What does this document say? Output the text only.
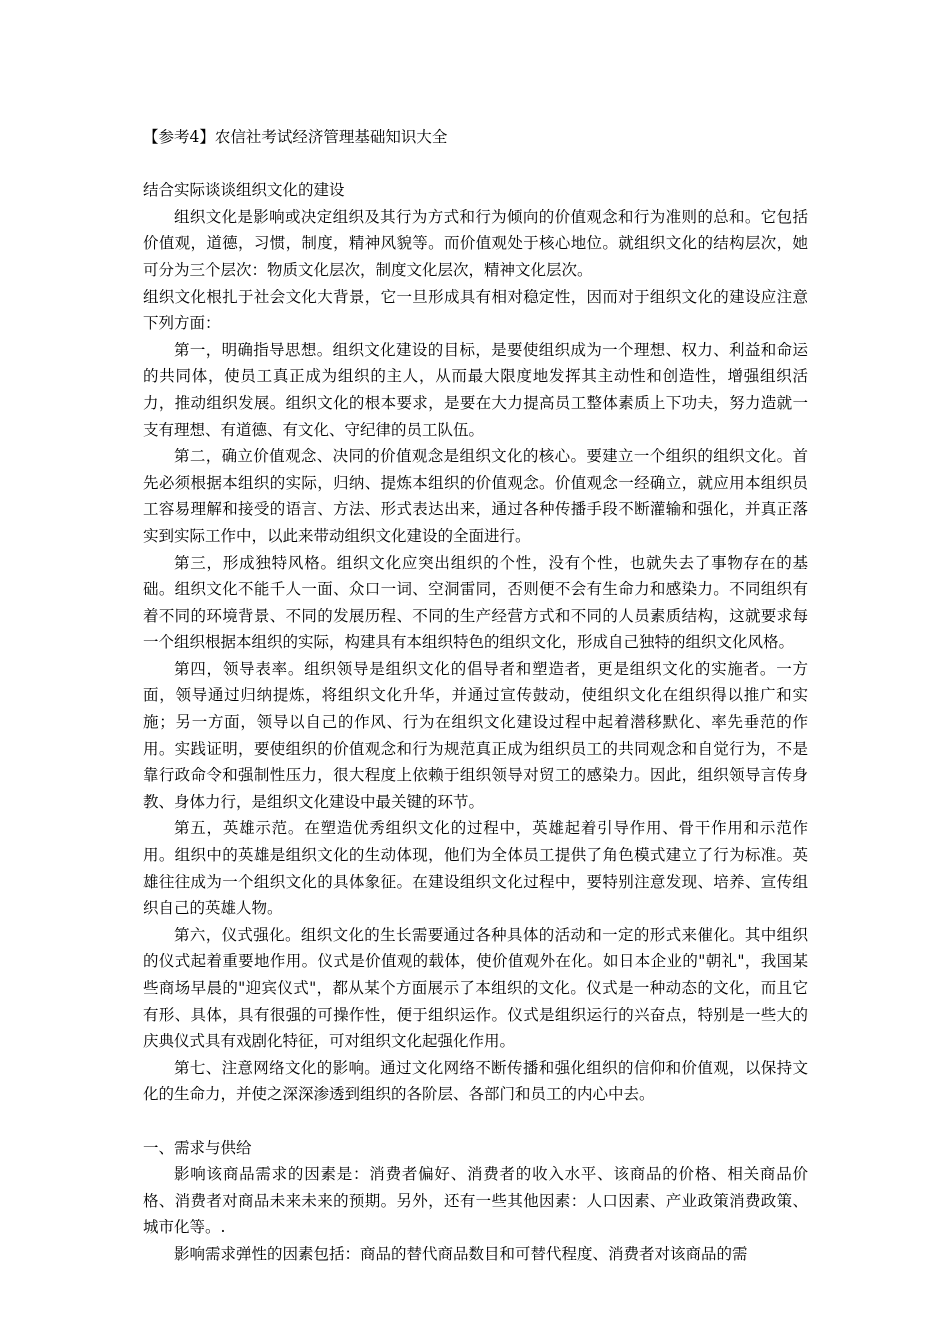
【参考4】农信社考试经济管理基础知识大全

结合实际谈谈组织文化的建设

组织文化是影响或决定组织及其行为方式和行为倾向的价值观念和行为准则的总和。它包括价值观，道德，习惯，制度，精神风貌等。而价值观处于核心地位。就组织文化的结构层次，她可分为三个层次：物质文化层次，制度文化层次，精神文化层次。

组织文化根扎于社会文化大背景，它一旦形成具有相对稳定性，因而对于组织文化的建设应注意下列方面：

第一，明确指导思想。组织文化建设的目标，是要使组织成为一个理想、权力、利益和命运的共同体，使员工真正成为组织的主人，从而最大限度地发挥其主动性和创造性，增强组织活力，推动组织发展。组织文化的根本要求，是要在大力提高员工整体素质上下功夫，努力造就一支有理想、有道德、有文化、守纪律的员工队伍。

第二，确立价值观念、决同的价值观念是组织文化的核心。要建立一个组织的组织文化。首先必须根据本组织的实际，归纳、提炼本组织的价值观念。价值观念一经确立，就应用本组织员工容易理解和接受的语言、方法、形式表达出来，通过各种传播手段不断灌输和强化，并真正落实到实际工作中，以此来带动组织文化建设的全面进行。

第三，形成独特风格。组织文化应突出组织的个性，没有个性，也就失去了事物存在的基础。组织文化不能千人一面、众口一词、空洞雷同，否则便不会有生命力和感染力。不同组织有着不同的环境背景、不同的发展历程、不同的生产经营方式和不同的人员素质结构，这就要求每一个组织根据本组织的实际，构建具有本组织特色的组织文化，形成自己独特的组织文化风格。

第四，领导表率。组织领导是组织文化的倡导者和塑造者，更是组织文化的实施者。一方面，领导通过归纳提炼，将组织文化升华，并通过宣传鼓动，使组织文化在组织得以推广和实施；另一方面，领导以自己的作风、行为在组织文化建设过程中起着潜移默化、率先垂范的作用。实践证明，要使组织的价值观念和行为规范真正成为组织员工的共同观念和自觉行为，不是靠行政命令和强制性压力，很大程度上依赖于组织领导对贸工的感染力。因此，组织领导言传身教、身体力行，是组织文化建设中最关键的环节。

第五，英雄示范。在塑造优秀组织文化的过程中，英雄起着引导作用、骨干作用和示范作用。组织中的英雄是组织文化的生动体现，他们为全体员工提供了角色模式建立了行为标准。英雄往往成为一个组织文化的具体象征。在建设组织文化过程中，要特别注意发现、培养、宣传组织自己的英雄人物。

第六，仪式强化。组织文化的生长需要通过各种具体的活动和一定的形式来催化。其中组织的仪式起着重要地作用。仪式是价值观的载体，使价值观外在化。如日本企业的"朝礼"，我国某些商场早晨的"迎宾仪式"，都从某个方面展示了本组织的文化。仪式是一种动态的文化，而且它有形、具体，具有很强的可操作性，便于组织运作。仪式是组织运行的兴奋点，特别是一些大的庆典仪式具有戏剧化特征，可对组织文化起强化作用。

第七、注意网络文化的影响。通过文化网络不断传播和强化组织的信仰和价值观，以保持文化的生命力，并使之深深渗透到组织的各阶层、各部门和员工的内心中去。

一、需求与供给

影响该商品需求的因素是：消费者偏好、消费者的收入水平、该商品的价格、相关商品价格、消费者对商品未来未来的预期。另外，还有一些其他因素：人口因素、产业政策消费政策、城市化等。.

影响需求弹性的因素包括：商品的替代商品数目和可替代程度、消费者对该商品的需
